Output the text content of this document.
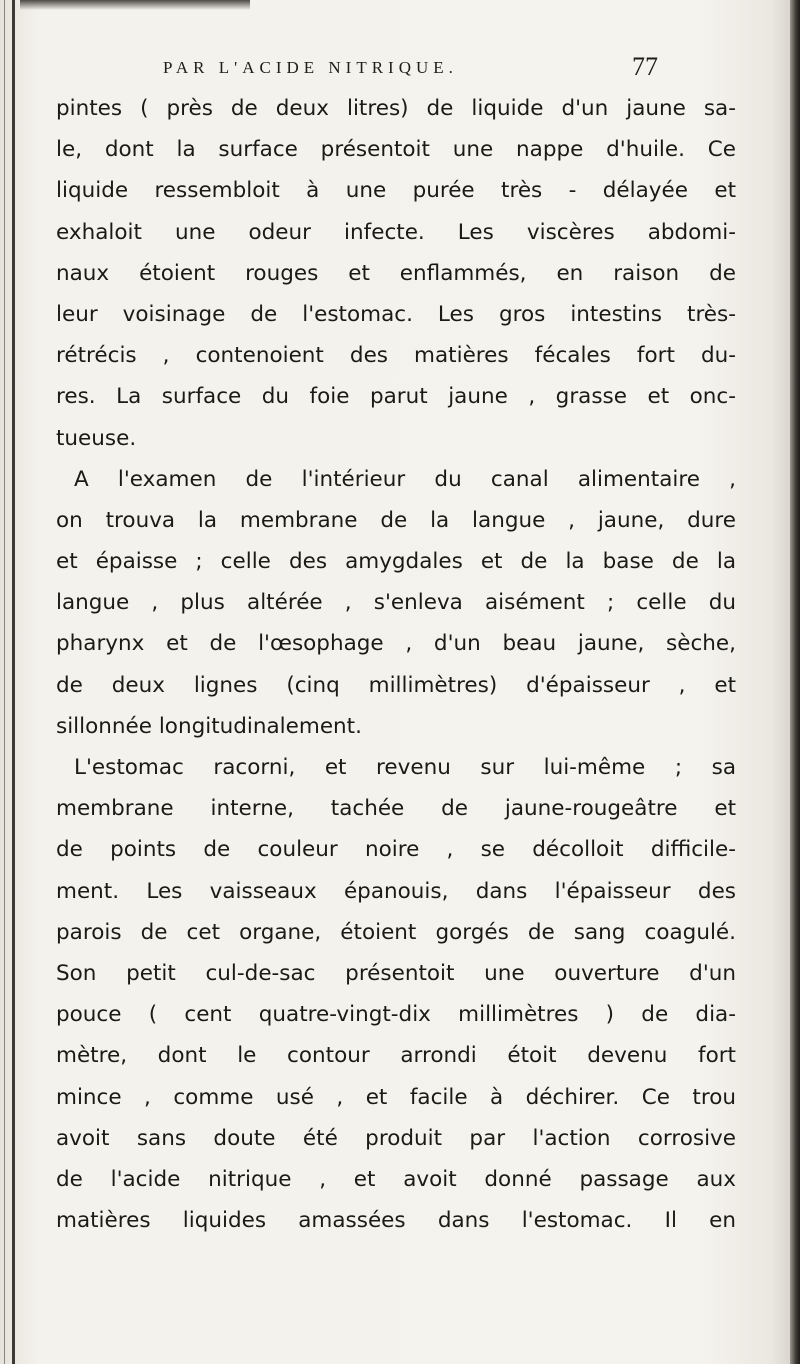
PAR L'ACIDE NITRIQUE.	77
pintes ( près de deux litres) de liquide d'un jaune sa-
le, dont la surface présentoit une nappe d'huile. Ce
liquide ressembloit à une purée très - délayée et
exhaloit une odeur infecte. Les viscères abdomi-
naux étoient rouges et enflammés, en raison de
leur voisinage de l'estomac. Les gros intestins très-
rétrécis , contenoient des matières fécales fort du-
res. La surface du foie parut jaune , grasse et onc-
tueuse.
A l'examen de l'intérieur du canal alimentaire ,
on trouva la membrane de la langue , jaune, dure
et épaisse ; celle des amygdales et de la base de la
langue , plus altérée , s'enleva aisément ; celle du
pharynx et de l'œsophage , d'un beau jaune, sèche,
de deux lignes (cinq millimètres) d'épaisseur , et
sillonnée longitudinalement.
L'estomac racorni, et revenu sur lui-même ; sa
membrane interne, tachée de jaune-rougeâtre et
de points de couleur noire , se décolloit difficile-
ment. Les vaisseaux épanouis, dans l'épaisseur des
parois de cet organe, étoient gorgés de sang coagulé.
Son petit cul-de-sac présentoit une ouverture d'un
pouce ( cent quatre-vingt-dix millimètres ) de dia-
mètre, dont le contour arrondi étoit devenu fort
mince , comme usé , et facile à déchirer. Ce trou
avoit sans doute été produit par l'action corrosive
de l'acide nitrique , et avoit donné passage aux
matières liquides amassées dans l'estomac. Il en
